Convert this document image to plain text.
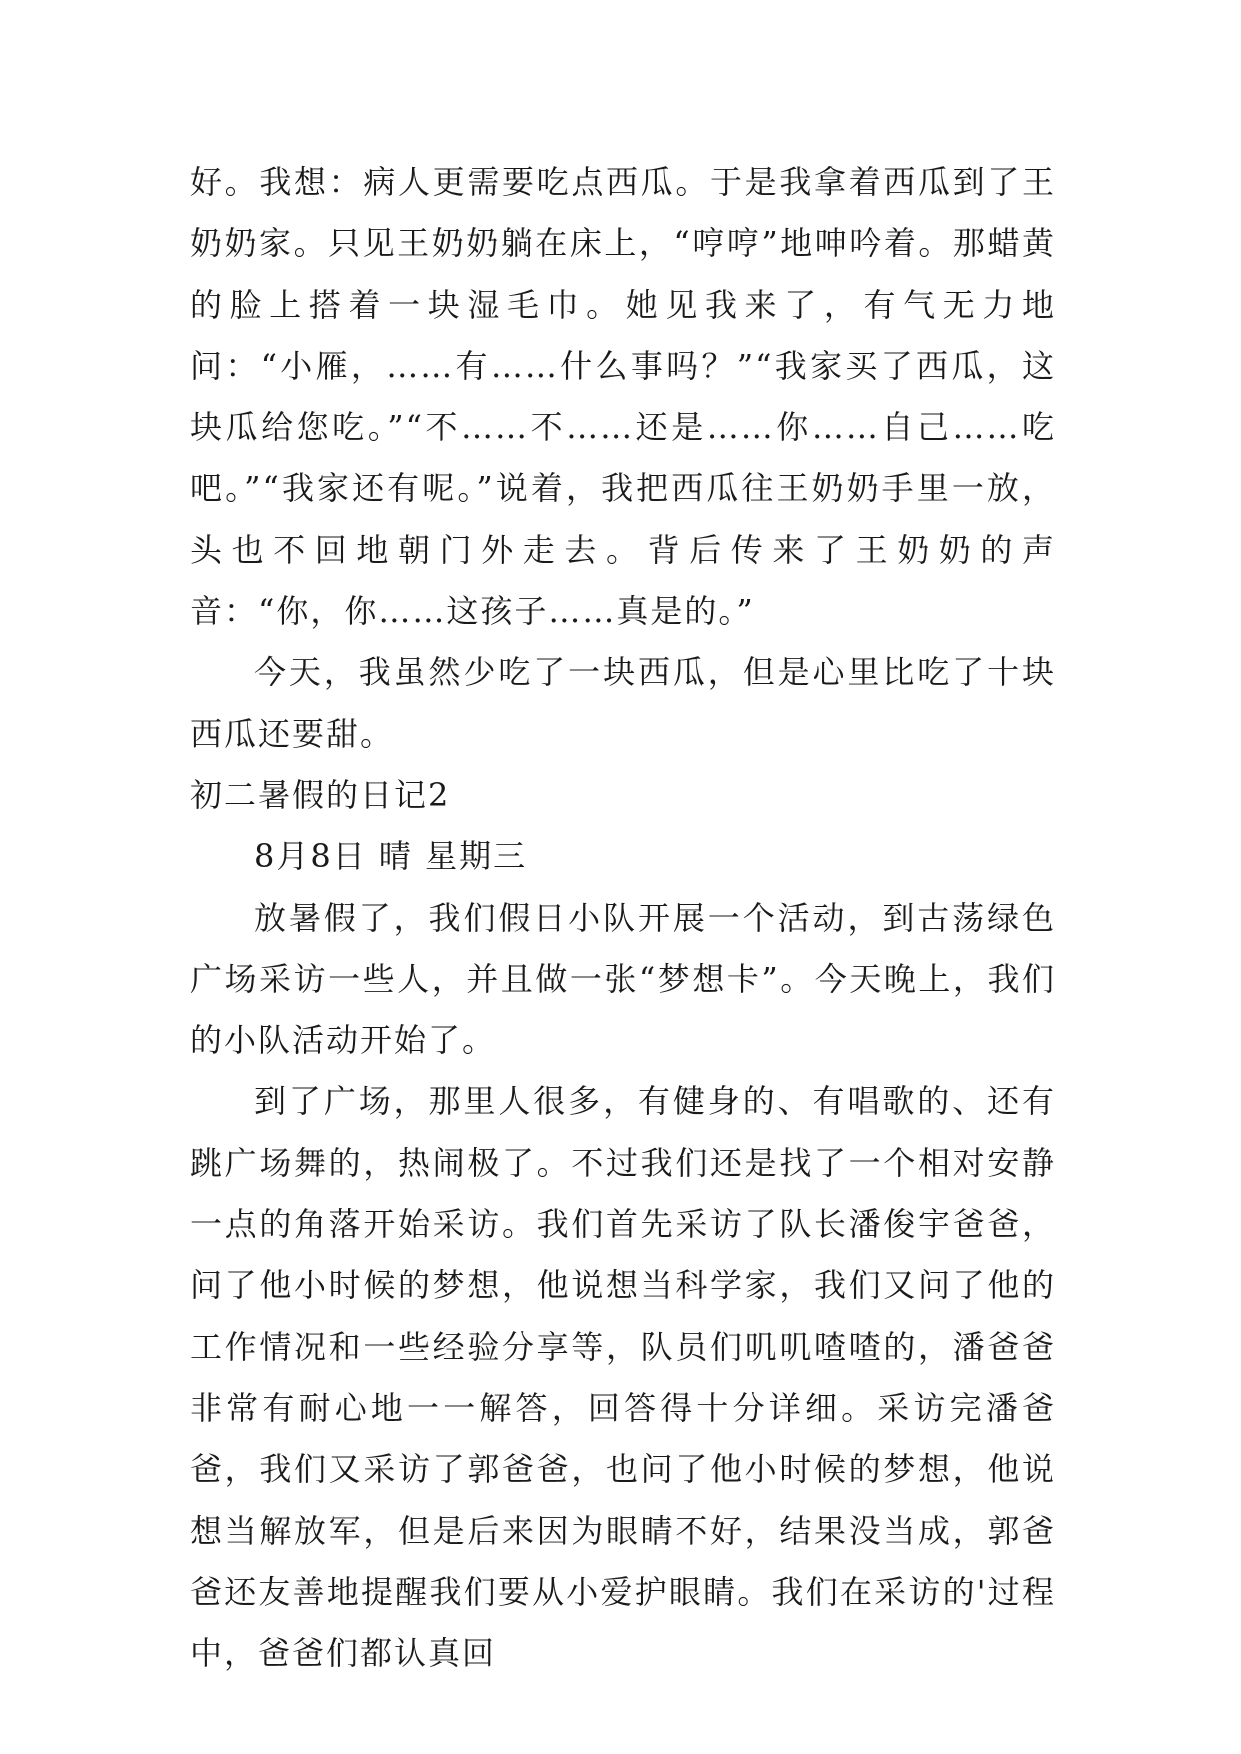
好。我想：病人更需要吃点西瓜。于是我拿着西瓜到了王奶奶家。只见王奶奶躺在床上，“哼哼”地呻吟着。那蜡黄的脸上搭着一块湿毛巾。她见我来了，有气无力地问：“小雁，……有……什么事吗？”“我家买了西瓜，这块瓜给您吃。”“不……不……还是……你……自己……吃吧。”“我家还有呢。”说着，我把西瓜往王奶奶手里一放，头也不回地朝门外走去。背后传来了王奶奶的声音：“你，你……这孩子……真是的。”

今天，我虽然少吃了一块西瓜，但是心里比吃了十块西瓜还要甜。

初二暑假的日记2

8月8日 晴 星期三

放暑假了，我们假日小队开展一个活动，到古荡绿色广场采访一些人，并且做一张“梦想卡”。今天晚上，我们的小队活动开始了。

到了广场，那里人很多，有健身的、有唱歌的、还有跳广场舞的，热闹极了。不过我们还是找了一个相对安静一点的角落开始采访。我们首先采访了队长潘俊宇爸爸，问了他小时候的梦想，他说想当科学家，我们又问了他的工作情况和一些经验分享等，队员们叽叽喳喳的，潘爸爸非常有耐心地一一解答，回答得十分详细。采访完潘爸爸，我们又采访了郭爸爸，也问了他小时候的梦想，他说想当解放军，但是后来因为眼睛不好，结果没当成，郭爸爸还友善地提醒我们要从小爱护眼睛。我们在采访的'过程中，爸爸们都认真回
